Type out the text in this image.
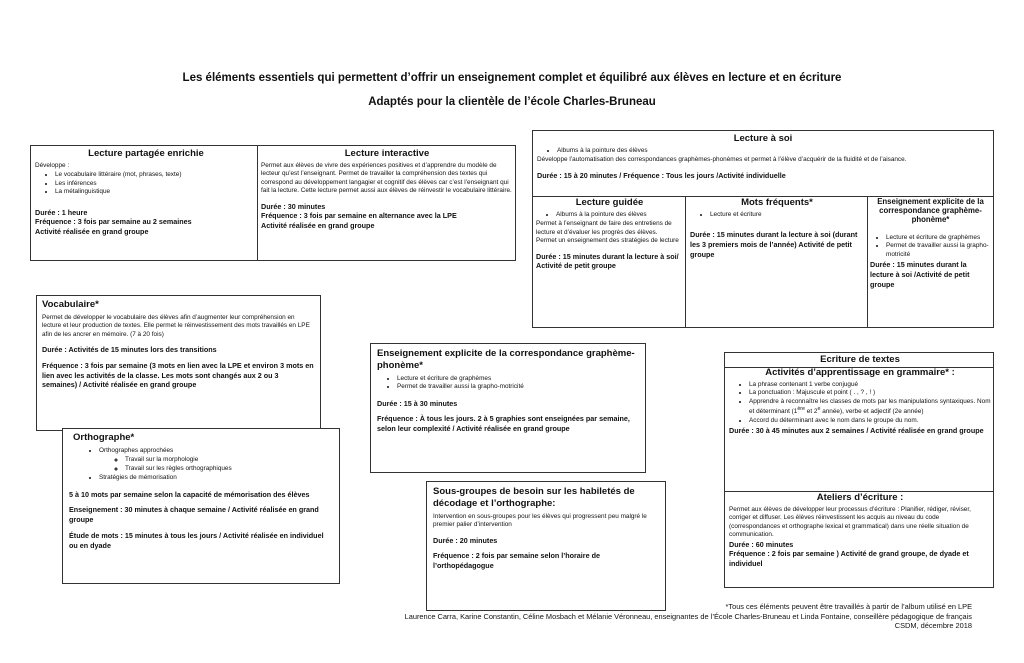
Les éléments essentiels qui permettent d’offrir un enseignement complet et équilibré aux élèves en lecture et en écriture
Adaptés pour la clientèle de l’école Charles-Bruneau
Lecture partagée enrichie
Développe :
• Le vocabulaire littéraire (mot, phrases, texte)
• Les inférences
• La métalinguistique
Durée : 1 heure
Fréquence : 3 fois par semaine au 2 semaines
Activité réalisée en grand groupe
Lecture interactive
Permet aux élèves de vivre des expériences positives et d’apprendre du modèle de lecteur qu’est l’enseignant. Permet de travailler la compréhension des textes qui correspond au développement langagier et cognitif des élèves car c’est l’enseignant qui fait la lecture. Cette lecture permet aussi aux élèves de réinvestir le vocabulaire littéraire.
Durée : 30 minutes
Fréquence : 3 fois par semaine en alternance avec la LPE
Activité réalisée en grand groupe
Lecture à soi
• Albums à la pointure des élèves
Développe l’automatisation des correspondances graphèmes-phonèmes et permet à l’élève d’acquérir de la fluidité et de l’aisance.
Durée : 15 à 20 minutes / Fréquence : Tous les jours /Activité individuelle
Lecture guidée
• Albums à la pointure des élèves
Permet à l’enseignant de faire des entretiens de lecture et d’évaluer les progrès des élèves.
Permet un enseignement des stratégies de lecture
Durée : 15 minutes durant la lecture à soi/ Activité de petit groupe
Mots fréquents*
• Lecture et écriture
Durée : 15 minutes durant la lecture à soi (durant les 3 premiers mois de l’année) Activité de petit groupe
Enseignement explicite de la correspondance graphème-phonème*
• Lecture et écriture de graphèmes
• Permet de travailler aussi la grapho-motricité
Durée : 15 minutes durant la lecture à soi /Activité de petit groupe
Vocabulaire*
Permet de développer le vocabulaire des élèves afin d’augmenter leur compréhension en lecture et leur production de textes. Elle permet le réinvestissement des mots travaillés en LPE afin de les ancrer en mémoire. (7 à 20 fois)
Durée : Activités de 15 minutes lors des transitions
Fréquence : 3 fois par semaine (3 mots en lien avec la LPE et environ 3 mots en lien avec les activités de la classe. Les mots sont changés aux 2 ou 3 semaines) / Activité réalisée en grand groupe
Orthographe*
• Orthographes approchées
◦ Travail sur la morphologie
◦ Travail sur les règles orthographiques
• Stratégies de mémorisation
5 à 10 mots par semaine selon la capacité de mémorisation des élèves
Enseignement : 30 minutes à chaque semaine / Activité réalisée en grand groupe
Étude de mots : 15 minutes à tous les jours / Activité réalisée en individuel ou en dyade
Enseignement explicite de la correspondance graphème-phonème*
• Lecture et écriture de graphèmes
• Permet de travailler aussi la grapho-motricité
Durée : 15 à 30 minutes
Fréquence : À tous les jours. 2 à 5 graphies sont enseignées par semaine, selon leur complexité / Activité réalisée en grand groupe
Sous-groupes de besoin sur les habiletés de décodage et l’orthographe:
Intervention en sous-groupes pour les élèves qui progressent peu malgré le premier palier d’intervention
Durée : 20 minutes
Fréquence : 2 fois par semaine selon l’horaire de l’orthopédagogue
Écriture de textes
Activités d’apprentissage en grammaire* :
• La phrase contenant 1 verbe conjugué
• La ponctuation : Majuscule et point ( . , ? , ! )
• Apprendre à reconnaître les classes de mots par les manipulations syntaxiques. Nom et déterminant (1ère et 2e année), verbe et adjectif (2e année)
• Accord du déterminant avec le nom dans le groupe du nom.
Durée : 30 à 45 minutes aux 2 semaines / Activité réalisée en grand groupe
Ateliers d’écriture :
Permet aux élèves de développer leur processus d’écriture : Planifier, rédiger, réviser, corriger et diffuser. Les élèves réinvestissent les acquis au niveau du code (correspondances et orthographe lexical et grammatical) dans une réelle situation de communication.
Durée : 60 minutes
Fréquence : 2 fois par semaine ) Activité de grand groupe, de dyade et individuel
*Tous ces éléments peuvent être travaillés à partir de l’album utilisé en LPE
Laurence Carra, Karine Constantin, Céline Mosbach et Mélanie Véronneau, enseignantes de l’École Charles-Bruneau et Linda Fontaine, conseillère pédagogique de français
CSDM, décembre 2018
